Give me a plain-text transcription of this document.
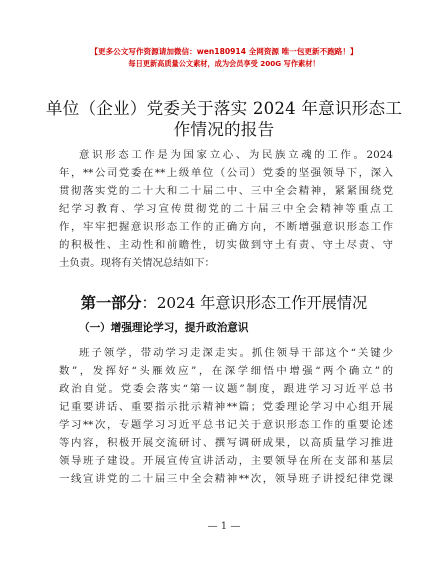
【更多公文写作资源请加微信：wen180914 全网资源 唯一包更新不跑路！】
每日更新高质量公文素材，成为会员享受 200G 写作素材！
单位（企业）党委关于落实 2024 年意识形态工
作情况的报告
意识形态工作是为国家立心、为民族立魂的工作。2024
年，**公司党委在**上级单位（公司）党委的坚强领导下，深入
贯彻落实党的二十大和二十届二中、三中全会精神，紧紧围绕党
纪学习教育、学习宣传贯彻党的二十届三中全会精神等重点工
作，牢牢把握意识形态工作的正确方向，不断增强意识形态工作
的积极性、主动性和前瞻性，切实做到守土有责、守土尽责、守
土负责。现将有关情况总结如下：
第一部分：2024 年意识形态工作开展情况
（一）增强理论学习，提升政治意识
班子领学，带动学习走深走实。抓住领导干部这个“关键少
数”，发挥好“头雁效应”，在深学细悟中增强“两个确立”的
政治自觉。党委会落实“第一议题”制度，跟进学习习近平总书
记重要讲话、重要指示批示精神**篇；党委理论学习中心组开展
学习**次，专题学习习近平总书记关于意识形态工作的重要论述
等内容，积极开展交流研讨、撰写调研成果，以高质量学习推进
领导班子建设。开展宣传宣讲活动，主要领导在所在支部和基层
一线宣讲党的二十届三中全会精神**次，领导班子讲授纪律党课
— 1 —
